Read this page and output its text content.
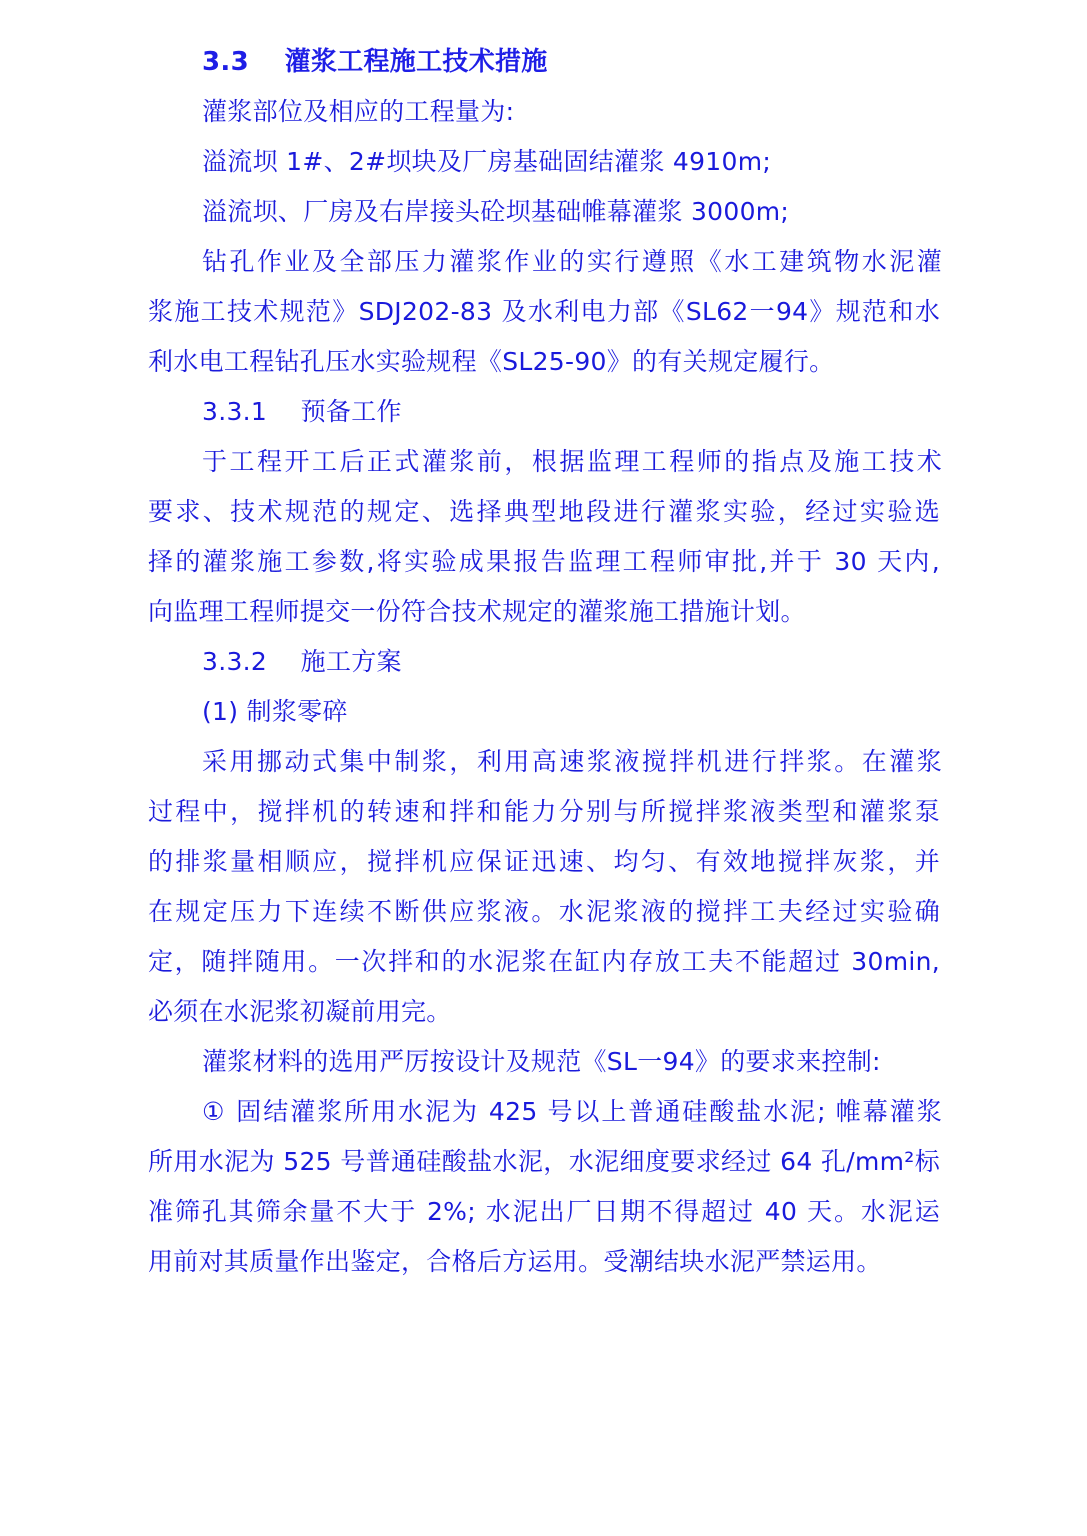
3.3　 灌浆工程施工技术措施
灌浆部位及相应的工程量为:
溢流坝 1#、2#坝块及厂房基础固结灌浆 4910m;
溢流坝、厂房及右岸接头砼坝基础帷幕灌浆 3000m;
钻孔作业及全部压力灌浆作业的实行遵照《水工建筑物水泥灌
浆施工技术规范》SDJ202-83 及水利电力部《SL62一94》规范和水
利水电工程钻孔压水实验规程《SL25-90》的有关规定履行。
3.3.1　 预备工作
于工程开工后正式灌浆前，根据监理工程师的指点及施工技术
要求、技术规范的规定、选择典型地段进行灌浆实验，经过实验选
择的灌浆施工参数,将实验成果报告监理工程师审批,并于 30 天内,
向监理工程师提交一份符合技术规定的灌浆施工措施计划。
3.3.2　 施工方案
(1) 制浆零碎
采用挪动式集中制浆，利用高速浆液搅拌机进行拌浆。在灌浆
过程中，搅拌机的转速和拌和能力分别与所搅拌浆液类型和灌浆泵
的排浆量相顺应，搅拌机应保证迅速、均匀、有效地搅拌灰浆，并
在规定压力下连续不断供应浆液。水泥浆液的搅拌工夫经过实验确
定，随拌随用。一次拌和的水泥浆在缸内存放工夫不能超过 30min,
必须在水泥浆初凝前用完。
灌浆材料的选用严厉按设计及规范《SL一94》的要求来控制:
① 固结灌浆所用水泥为 425 号以上普通硅酸盐水泥; 帷幕灌浆
所用水泥为 525 号普通硅酸盐水泥，水泥细度要求经过 64 孔/mm²标
准筛孔其筛余量不大于 2%; 水泥出厂日期不得超过 40 天。水泥运
用前对其质量作出鉴定，合格后方运用。受潮结块水泥严禁运用。
